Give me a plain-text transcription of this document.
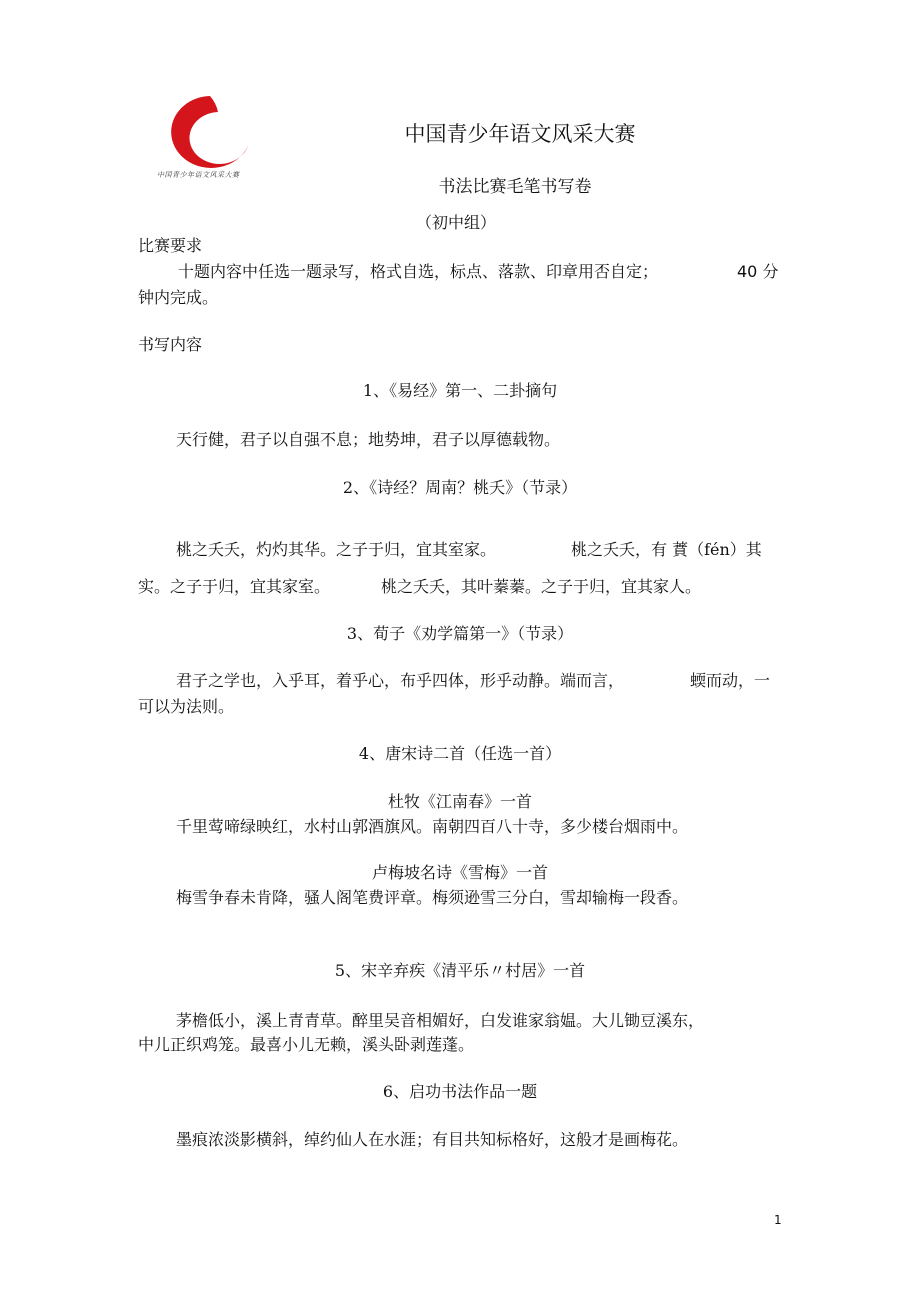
中国青少年语文风采大赛
中国青少年语文风采大赛
书法比赛毛笔书写卷
（初中组）
比赛要求
十题内容中任选一题录写，格式自选，标点、落款、印章用否自定；	40 分
钟内完成。
书写内容
1、《易经》第一、二卦摘句
天行健，君子以自强不息；地势坤，君子以厚德载物。
2、《诗经？周南？桃夭》（节录）
桃之夭夭，灼灼其华。之子于归，宜其室家。	桃之夭夭，有 蕡（fén）其
实。之子于归，宜其家室。	桃之夭夭，其叶蓁蓁。之子于归，宜其家人。
3、荀子《劝学篇第一》（节录）
君子之学也，入乎耳，着乎心，布乎四体，形乎动静。端而言，	蝡而动，一
可以为法则。
4、唐宋诗二首（任选一首）
杜牧《江南春》一首
千里莺啼绿映红，水村山郭酒旗风。南朝四百八十寺，多少楼台烟雨中。
卢梅坡名诗《雪梅》一首
梅雪争春未肯降，骚人阁笔费评章。梅须逊雪三分白，雪却输梅一段香。
5、宋辛弃疾《清平乐〃村居》一首
茅檐低小，溪上青青草。醉里吴音相媚好，白发谁家翁媪。大儿锄豆溪东，
中儿正织鸡笼。最喜小儿无赖，溪头卧剥莲蓬。
6、启功书法作品一题
墨痕浓淡影横斜，绰约仙人在水涯；有目共知标格好，这般才是画梅花。
1
